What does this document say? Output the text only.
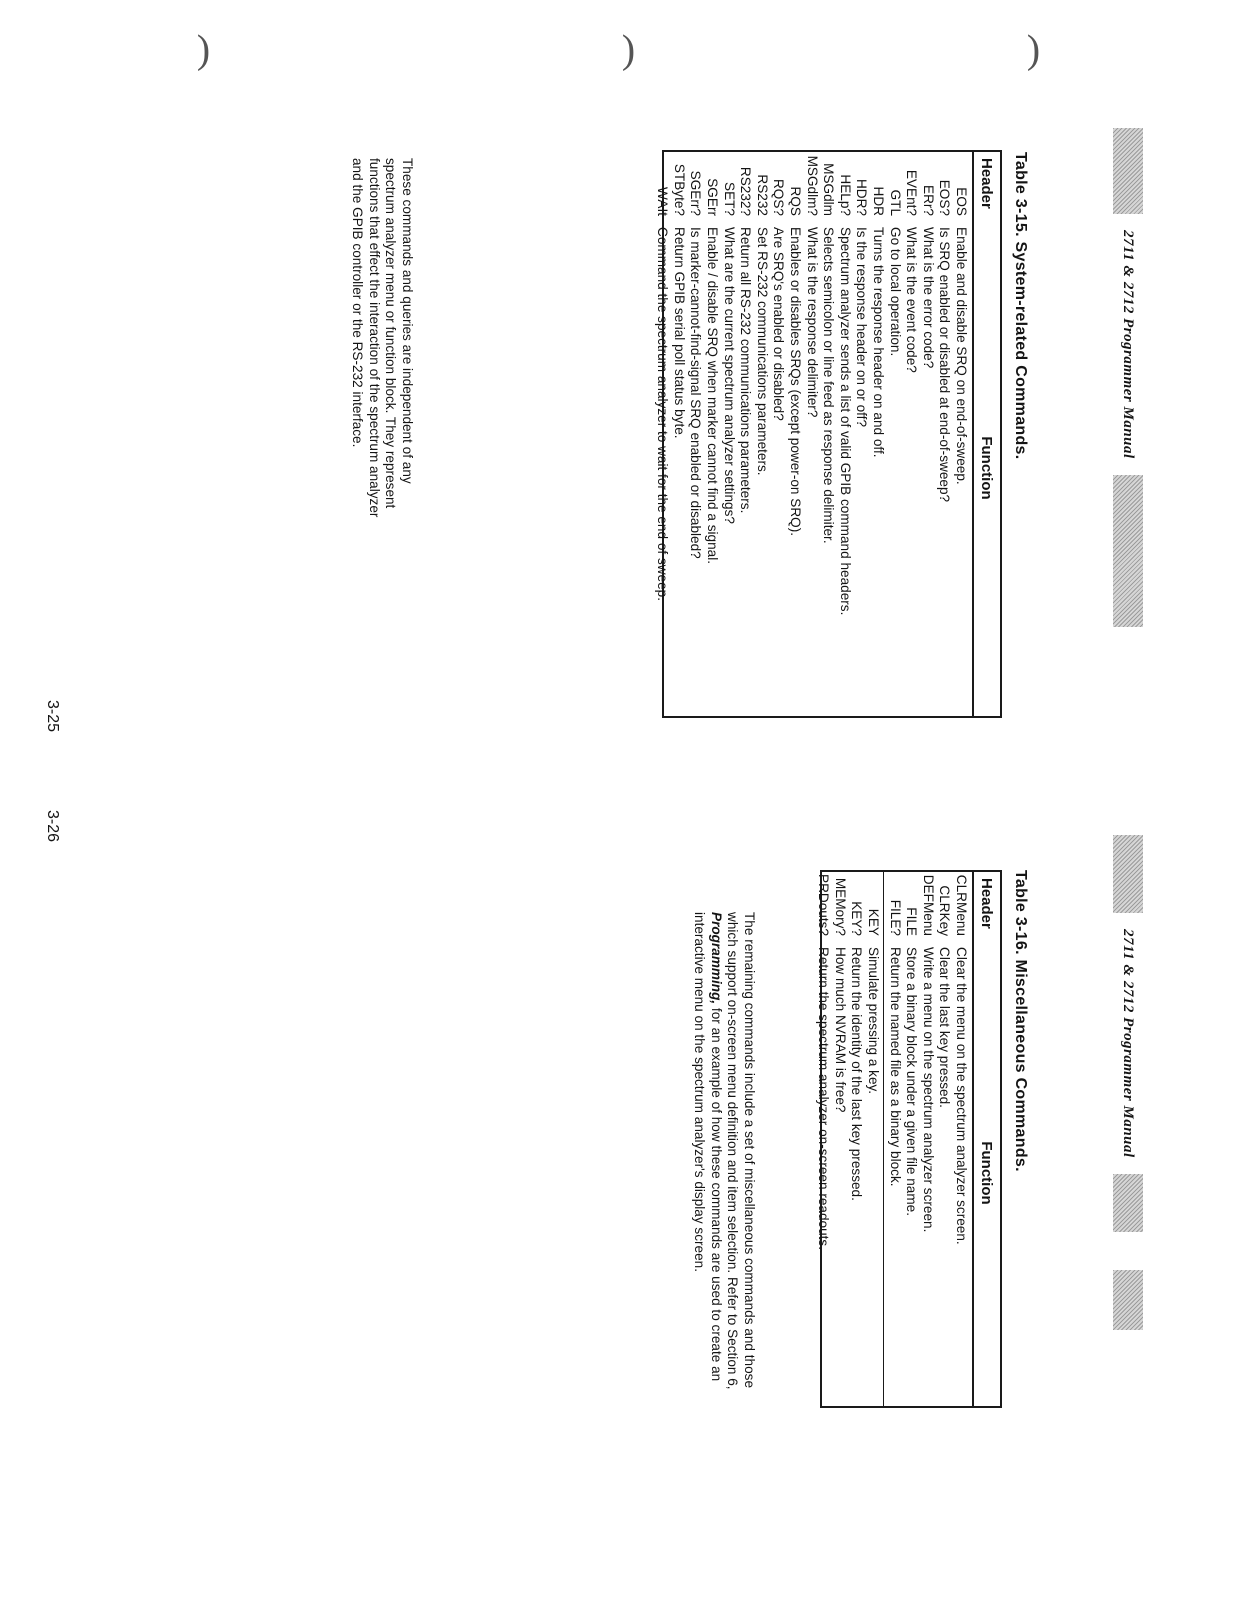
2711 & 2712 Programmer Manual
Table 3-15. System-related Commands.
Header
Function
EOS
Enable and disable SRQ on end-of-sweep.
EOS?
Is SRQ enabled or disabled at end-of-sweep?
ERr?
What is the error code?
EVEnt?
What is the event code?
GTL
Go to local operation.
HDR
Turns the response header on and off.
HDR?
Is the response header on or off?
HELp?
Spectrum analyzer sends a list of valid GPIB command headers.
MSGdlm
Selects semicolon or line feed as response delimiter.
MSGdlm?
What is the response delimiter?
RQS
Enables or disables SRQs (except power-on SRQ).
RQS?
Are SRQ's enabled or disabled?
RS232
Set RS-232 communications parameters.
RS232?
Return all RS-232 communications parameters.
SET?
What are the current spectrum analyzer settings?
SGErr
Enable / disable SRQ when marker cannot find a signal.
SGErr?
Is marker-cannot-find-signal SRQ enabled or disabled?
STByte?
Return GPIB serial poll status byte.
WAIt
Command the spectrum analyzer to wait for the end of sweep.
These commands and queries are independent of any spectrum analyzer menu or function block. They represent functions that effect the interaction of the spectrum analyzer and the GPIB controller or the RS-232 interface.
3-25
(	(	(
2711 & 2712 Programmer Manual
Table 3-16. Miscellaneous Commands.
Header
Function
CLRMenu
Clear the menu on the spectrum analyzer screen.
CLRKey
Clear the last key pressed.
DEFMenu
Write a menu on the spectrum analyzer screen.
FILE
Store a binary block under a given file name.
FILE?
Return the named file as a binary block.
KEY
Simulate pressing a key.
KEY?
Return the identity of the last key pressed.
MEMory?
How much NVRAM is free?
PRDouts?
Return the spectrum analyzer on-screen readouts.
The remaining commands include a set of miscellaneous commands and those which support on-screen menu definition and item selection. Refer to Section 6, Programming, for an example of how these commands are used to create an interactive menu on the spectrum analyzer's display screen.
3-26
